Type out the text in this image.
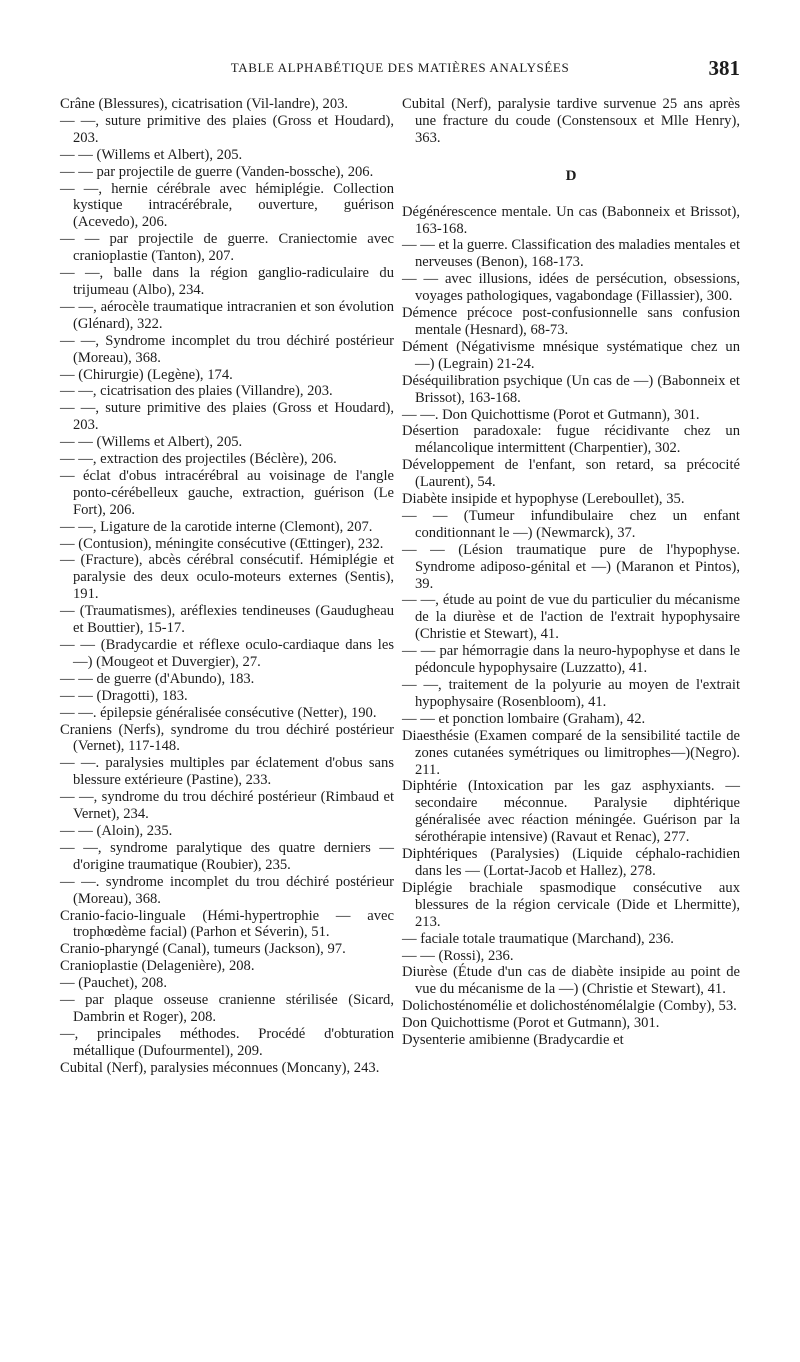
TABLE ALPHABÉTIQUE DES MATIÈRES ANALYSÉES	381

Crâne (Blessures), cicatrisation (Vil-landre), 203.

— —, suture primitive des plaies (Gross et Houdard), 203.

— — (Willems et Albert), 205.

— — par projectile de guerre (Vanden-bossche), 206.

— —, hernie cérébrale avec hémiplégie. Collection kystique intracérébrale, ouverture, guérison (Acevedo), 206.

— — par projectile de guerre. Craniectomie avec cranioplastie (Tanton), 207.

— —, balle dans la région ganglio-radiculaire du trijumeau (Albo), 234.

— —, aérocèle traumatique intracranien et son évolution (Glénard), 322.

— —, Syndrome incomplet du trou déchiré postérieur (Moreau), 368.

— (Chirurgie) (Legène), 174.

— —, cicatrisation des plaies (Villandre), 203.

— —, suture primitive des plaies (Gross et Houdard), 203.

— — (Willems et Albert), 205.

— —, extraction des projectiles (Béclère), 206.

— éclat d'obus intracérébral au voisinage de l'angle ponto-cérébelleux gauche, extraction, guérison (Le Fort), 206.

— —, Ligature de la carotide interne (Clemont), 207.

— (Contusion), méningite consécutive (Œttinger), 232.

— (Fracture), abcès cérébral consécutif. Hémiplégie et paralysie des deux oculo-moteurs externes (Sentis), 191.

— (Traumatismes), aréflexies tendineuses (Gaudugheau et Bouttier), 15-17.

— — (Bradycardie et réflexe oculo-cardiaque dans les —) (Mougeot et Duvergier), 27.

— — de guerre (d'Abundo), 183.

— — (Dragotti), 183.

— —. épilepsie généralisée consécutive (Netter), 190.

Craniens (Nerfs), syndrome du trou déchiré postérieur (Vernet), 117-148.

— —. paralysies multiples par éclatement d'obus sans blessure extérieure (Pastine), 233.

— —, syndrome du trou déchiré postérieur (Rimbaud et Vernet), 234.

— — (Aloin), 235.

— —, syndrome paralytique des quatre derniers — d'origine traumatique (Roubier), 235.

— —. syndrome incomplet du trou déchiré postérieur (Moreau), 368.

Cranio-facio-linguale (Hémi-hypertrophie — avec trophœdème facial) (Parhon et Séverin), 51.

Cranio-pharyngé (Canal), tumeurs (Jackson), 97.

Cranioplastie (Delagenière), 208.

— (Pauchet), 208.

— par plaque osseuse cranienne stérilisée (Sicard, Dambrin et Roger), 208.

—, principales méthodes. Procédé d'obturation métallique (Dufourmentel), 209.

Cubital (Nerf), paralysies méconnues (Moncany), 243.

Cubital (Nerf), paralysie tardive survenue 25 ans après une fracture du coude (Constensoux et Mlle Henry), 363.

D

Dégénérescence mentale. Un cas (Babonneix et Brissot), 163-168.

— — et la guerre. Classification des maladies mentales et nerveuses (Benon), 168-173.

— — avec illusions, idées de persécution, obsessions, voyages pathologiques, vagabondage (Fillassier), 300.

Démence précoce post-confusionnelle sans confusion mentale (Hesnard), 68-73.

Dément (Négativisme mnésique systématique chez un —) (Legrain) 21-24.

Déséquilibration psychique (Un cas de —) (Babonneix et Brissot), 163-168.

— —. Don Quichottisme (Porot et Gutmann), 301.

Désertion paradoxale: fugue récidivante chez un mélancolique intermittent (Charpentier), 302.

Développement de l'enfant, son retard, sa précocité (Laurent), 54.

Diabète insipide et hypophyse (Lereboullet), 35.

— — (Tumeur infundibulaire chez un enfant conditionnant le —) (Newmarck), 37.

— — (Lésion traumatique pure de l'hypophyse. Syndrome adiposo-génital et —) (Maranon et Pintos), 39.

— —, étude au point de vue du particulier du mécanisme de la diurèse et de l'action de l'extrait hypophysaire (Christie et Stewart), 41.

— — par hémorragie dans la neuro-hypophyse et dans le pédoncule hypophysaire (Luzzatto), 41.

— —, traitement de la polyurie au moyen de l'extrait hypophysaire (Rosenbloom), 41.

— — et ponction lombaire (Graham), 42.

Diaesthésie (Examen comparé de la sensibilité tactile de zones cutanées symétriques ou limitrophes—)(Negro). 211.

Diphtérie (Intoxication par les gaz asphyxiants. — secondaire méconnue. Paralysie diphtérique généralisée avec réaction méningée. Guérison par la sérothérapie intensive) (Ravaut et Renac), 277.

Diphtériques (Paralysies) (Liquide céphalo-rachidien dans les — (Lortat-Jacob et Hallez), 278.

Diplégie brachiale spasmodique consécutive aux blessures de la région cervicale (Dide et Lhermitte), 213.

— faciale totale traumatique (Marchand), 236.

— — (Rossi), 236.

Diurèse (Étude d'un cas de diabète insipide au point de vue du mécanisme de la —) (Christie et Stewart), 41.

Dolichosténomélie et dolichosténomélalgie (Comby), 53.

Don Quichottisme (Porot et Gutmann), 301.

Dysenterie amibienne (Bradycardie et
